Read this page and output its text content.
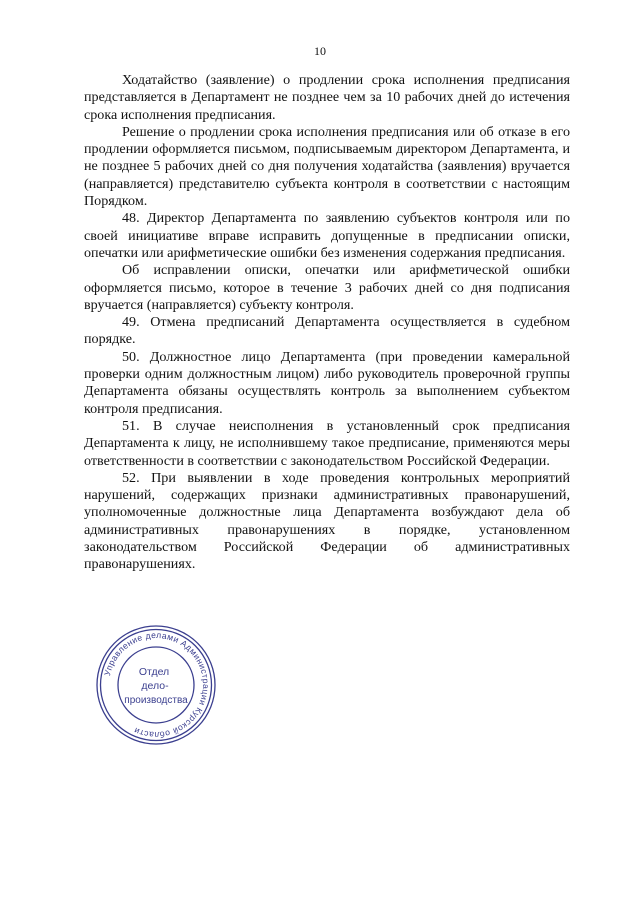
10

Ходатайство (заявление) о продлении срока исполнения предписания представляется в Департамент не позднее чем за 10 рабочих дней до истечения срока исполнения предписания.

Решение о продлении срока исполнения предписания или об отказе в его продлении оформляется письмом, подписываемым директором Департамента, и не позднее 5 рабочих дней со дня получения ходатайства (заявления) вручается (направляется) представителю субъекта контроля в соответствии с настоящим Порядком.

48. Директор Департамента по заявлению субъектов контроля или по своей инициативе вправе исправить допущенные в предписании описки, опечатки или арифметические ошибки без изменения содержания предписания.

Об исправлении описки, опечатки или арифметической ошибки оформляется письмо, которое в течение 3 рабочих дней со дня подписания вручается (направляется) субъекту контроля.

49. Отмена предписаний Департамента осуществляется в судебном порядке.

50. Должностное лицо Департамента (при проведении камеральной проверки одним должностным лицом) либо руководитель проверочной группы Департамента обязаны осуществлять контроль за выполнением субъектом контроля предписания.

51. В случае неисполнения в установленный срок предписания Департамента к лицу, не исполнившему такое предписание, применяются меры ответственности в соответствии с законодательством Российской Федерации.

52. При выявлении в ходе проведения контрольных мероприятий нарушений, содержащих признаки административных правонарушений, уполномоченные должностные лица Департамента возбуждают дела об административных правонарушениях в порядке, установленном законодательством Российской Федерации об административных правонарушениях.

Управление делами Администрации Курской области
Отдел
дело-
производства
